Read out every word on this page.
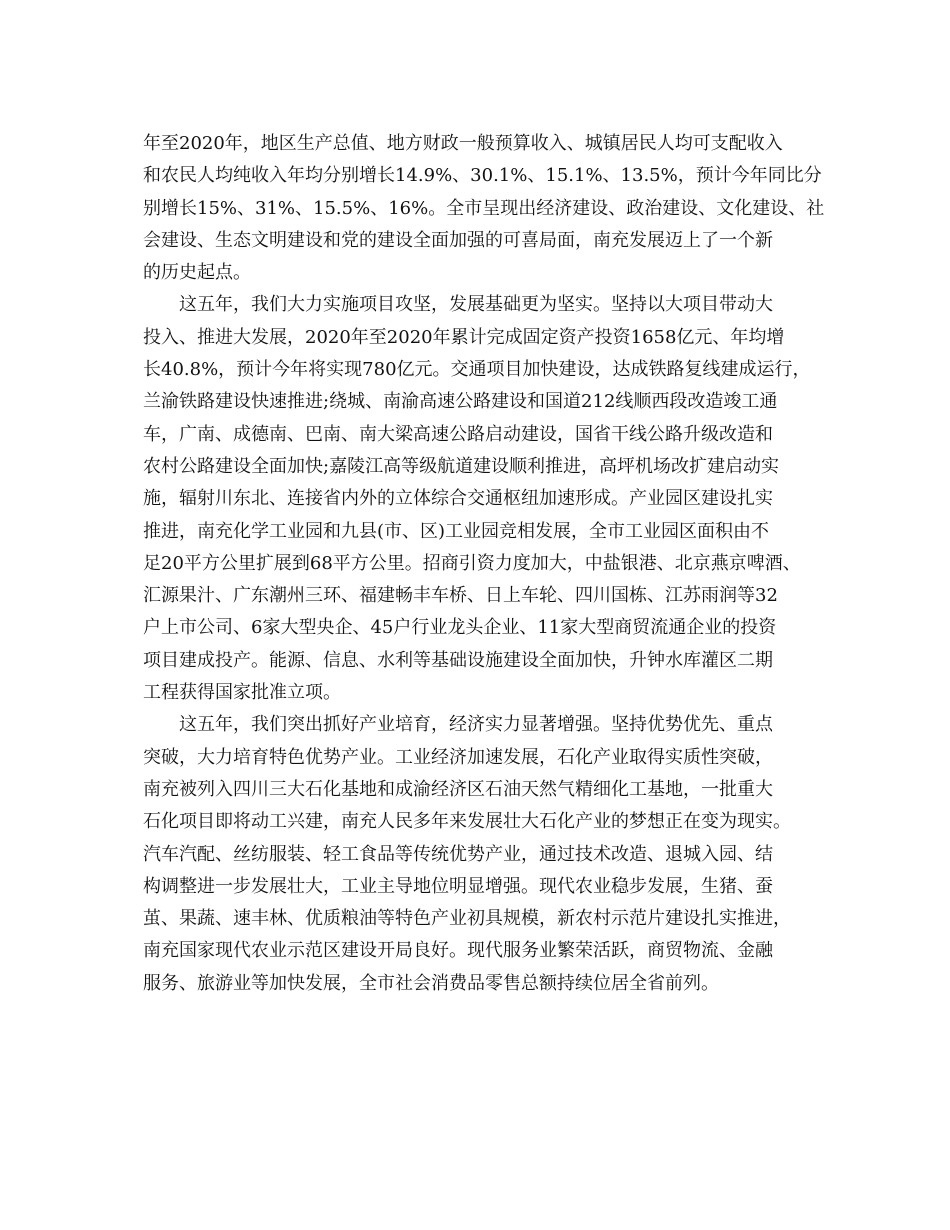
年至2020年，地区生产总值、地方财政一般预算收入、城镇居民人均可支配收入
和农民人均纯收入年均分别增长14.9%、30.1%、15.1%、13.5%，预计今年同比分
别增长15%、31%、15.5%、16%。全市呈现出经济建设、政治建设、文化建设、社
会建设、生态文明建设和党的建设全面加强的可喜局面，南充发展迈上了一个新
的历史起点。
这五年，我们大力实施项目攻坚，发展基础更为坚实。坚持以大项目带动大
投入、推进大发展，2020年至2020年累计完成固定资产投资1658亿元、年均增
长40.8%，预计今年将实现780亿元。交通项目加快建设，达成铁路复线建成运行，
兰渝铁路建设快速推进;绕城、南渝高速公路建设和国道212线顺西段改造竣工通
车，广南、成德南、巴南、南大梁高速公路启动建设，国省干线公路升级改造和
农村公路建设全面加快;嘉陵江高等级航道建设顺利推进，高坪机场改扩建启动实
施，辐射川东北、连接省内外的立体综合交通枢纽加速形成。产业园区建设扎实
推进，南充化学工业园和九县(市、区)工业园竞相发展，全市工业园区面积由不
足20平方公里扩展到68平方公里。招商引资力度加大，中盐银港、北京燕京啤酒、
汇源果汁、广东潮州三环、福建畅丰车桥、日上车轮、四川国栋、江苏雨润等32
户上市公司、6家大型央企、45户行业龙头企业、11家大型商贸流通企业的投资
项目建成投产。能源、信息、水利等基础设施建设全面加快，升钟水库灌区二期
工程获得国家批准立项。
这五年，我们突出抓好产业培育，经济实力显著增强。坚持优势优先、重点
突破，大力培育特色优势产业。工业经济加速发展，石化产业取得实质性突破，
南充被列入四川三大石化基地和成渝经济区石油天然气精细化工基地，一批重大
石化项目即将动工兴建，南充人民多年来发展壮大石化产业的梦想正在变为现实。
汽车汽配、丝纺服装、轻工食品等传统优势产业，通过技术改造、退城入园、结
构调整进一步发展壮大，工业主导地位明显增强。现代农业稳步发展，生猪、蚕
茧、果蔬、速丰林、优质粮油等特色产业初具规模，新农村示范片建设扎实推进，
南充国家现代农业示范区建设开局良好。现代服务业繁荣活跃，商贸物流、金融
服务、旅游业等加快发展，全市社会消费品零售总额持续位居全省前列。
